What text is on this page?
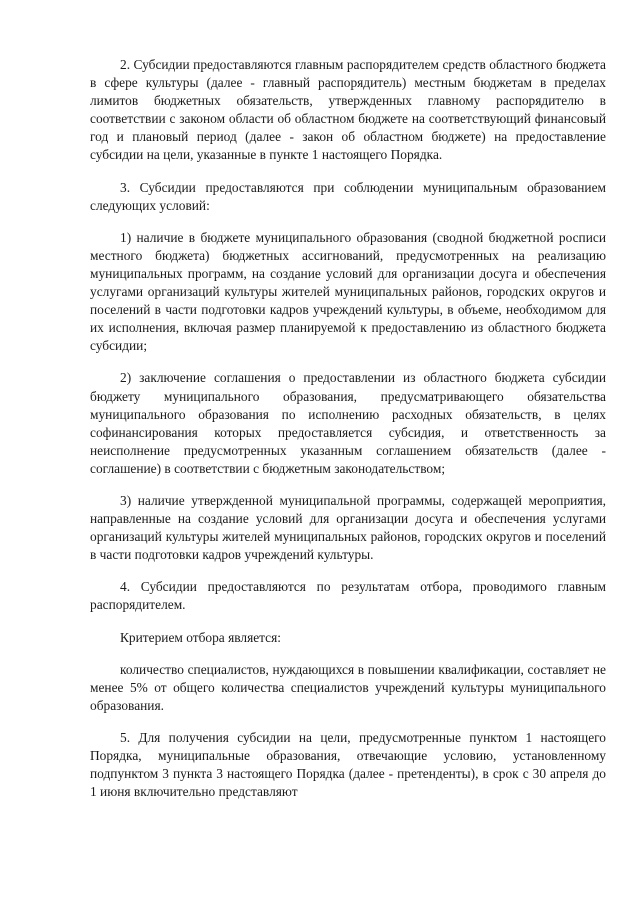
2. Субсидии предоставляются главным распорядителем средств областного бюджета в сфере культуры (далее - главный распорядитель) местным бюджетам в пределах лимитов бюджетных обязательств, утвержденных главному распорядителю в соответствии с законом области об областном бюджете на соответствующий финансовый год и плановый период (далее - закон об областном бюджете) на предоставление субсидии на цели, указанные в пункте 1 настоящего Порядка.

3. Субсидии предоставляются при соблюдении муниципальным образованием следующих условий:

1) наличие в бюджете муниципального образования (сводной бюджетной росписи местного бюджета) бюджетных ассигнований, предусмотренных на реализацию муниципальных программ, на создание условий для организации досуга и обеспечения услугами организаций культуры жителей муниципальных районов, городских округов и поселений в части подготовки кадров учреждений культуры, в объеме, необходимом для их исполнения, включая размер планируемой к предоставлению из областного бюджета субсидии;

2) заключение соглашения о предоставлении из областного бюджета субсидии бюджету муниципального образования, предусматривающего обязательства муниципального образования по исполнению расходных обязательств, в целях софинансирования которых предоставляется субсидия, и ответственность за неисполнение предусмотренных указанным соглашением обязательств (далее - соглашение) в соответствии с бюджетным законодательством;

3) наличие утвержденной муниципальной программы, содержащей мероприятия, направленные на создание условий для организации досуга и обеспечения услугами организаций культуры жителей муниципальных районов, городских округов и поселений в части подготовки кадров учреждений культуры.

4. Субсидии предоставляются по результатам отбора, проводимого главным распорядителем.

Критерием отбора является:

количество специалистов, нуждающихся в повышении квалификации, составляет не менее 5% от общего количества специалистов учреждений культуры муниципального образования.

5. Для получения субсидии на цели, предусмотренные пунктом 1 настоящего Порядка, муниципальные образования, отвечающие условию, установленному подпунктом 3 пункта 3 настоящего Порядка (далее - претенденты), в срок с 30 апреля до 1 июня включительно представляют
